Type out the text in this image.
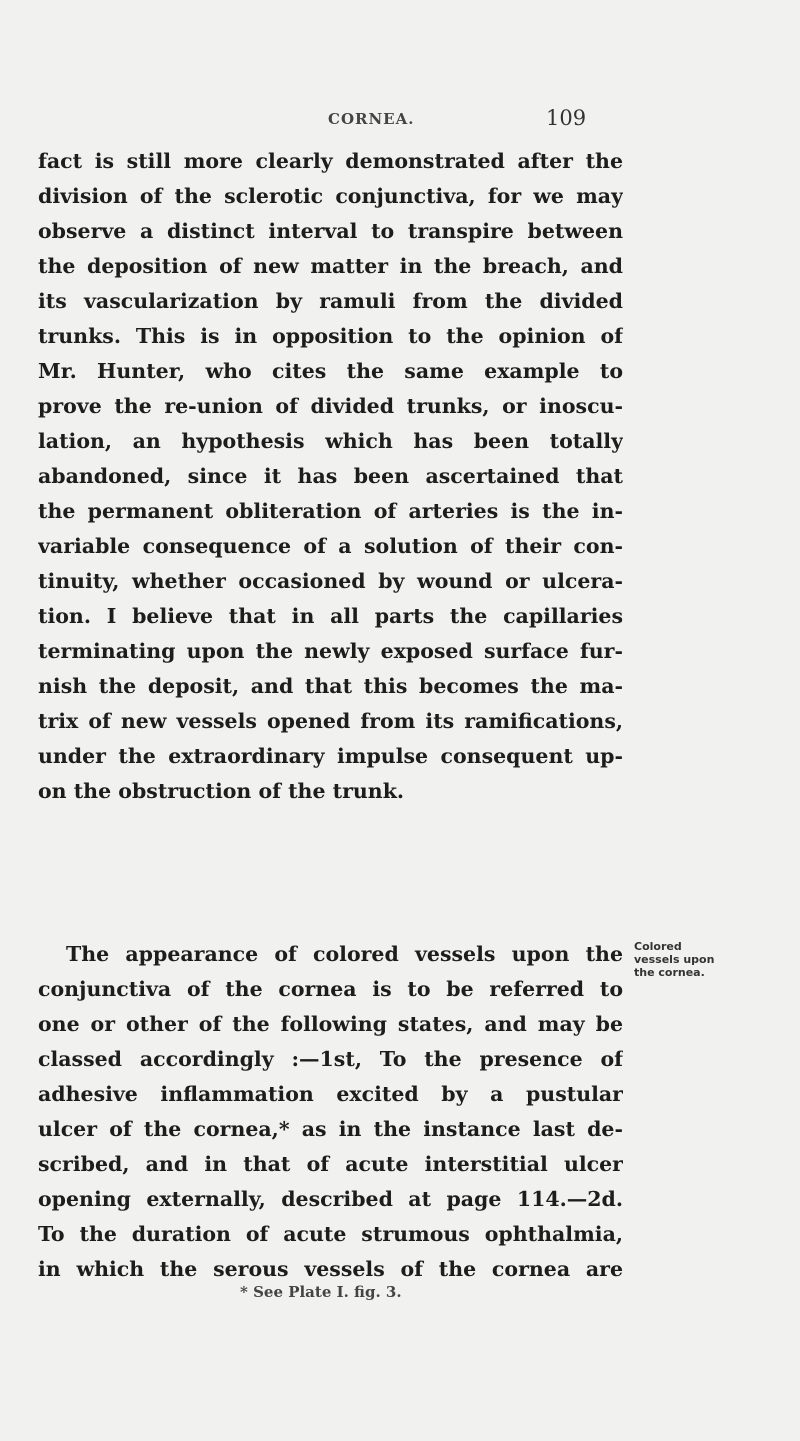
CORNEA.	109
fact is still more clearly demonstrated after the
division of the sclerotic conjunctiva, for we may
observe a distinct interval to transpire between
the deposition of new matter in the breach, and
its vascularization by ramuli from the divided
trunks. This is in opposition to the opinion of
Mr. Hunter, who cites the same example to
prove the re-union of divided trunks, or inoscu-
lation, an hypothesis which has been totally
abandoned, since it has been ascertained that
the permanent obliteration of arteries is the in-
variable consequence of a solution of their con-
tinuity, whether occasioned by wound or ulcera-
tion. I believe that in all parts the capillaries
terminating upon the newly exposed surface fur-
nish the deposit, and that this becomes the ma-
trix of new vessels opened from its ramifications,
under the extraordinary impulse consequent up-
on the obstruction of the trunk.
The appearance of colored vessels upon the
conjunctiva of the cornea is to be referred to
one or other of the following states, and may be
classed accordingly :—1st, To the presence of
adhesive inflammation excited by a pustular
ulcer of the cornea,* as in the instance last de-
scribed, and in that of acute interstitial ulcer
opening externally, described at page 114.—2d.
To the duration of acute strumous ophthalmia,
in which the serous vessels of the cornea are
Colored
vessels upon
the cornea.
* See Plate I. fig. 3.
